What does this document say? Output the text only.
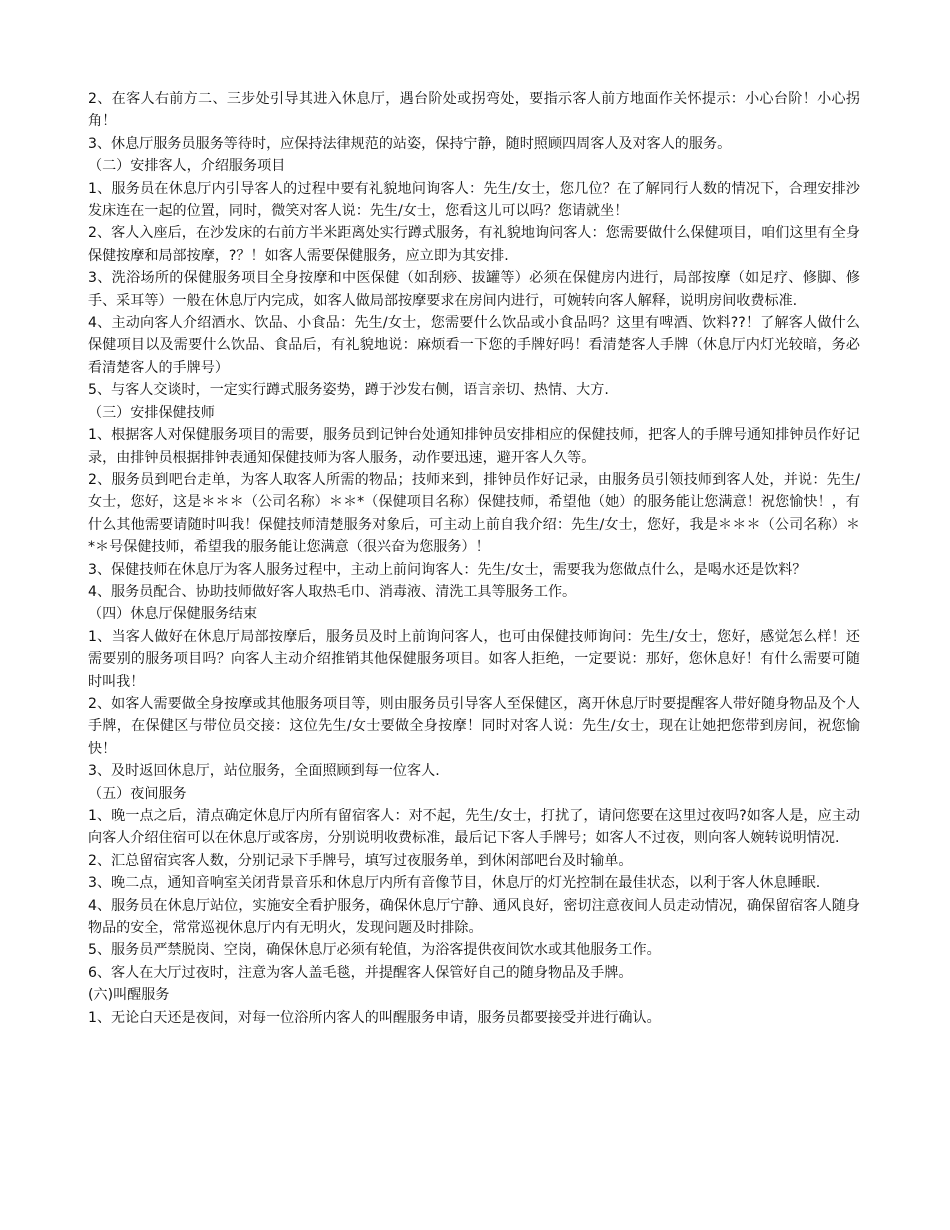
2、在客人右前方二、三步处引导其进入休息厅，遇台阶处或拐弯处，要指示客人前方地面作关怀提示：小心台阶！小心拐角！

3、休息厅服务员服务等待时，应保持法律规范的站姿，保持宁静，随时照顾四周客人及对客人的服务。

（二）安排客人，介绍服务项目

1、服务员在休息厅内引导客人的过程中要有礼貌地问询客人：先生/女士，您几位？在了解同行人数的情况下，合理安排沙发床连在一起的位置，同时，微笑对客人说：先生/女士，您看这儿可以吗？您请就坐！

2、客人入座后，在沙发床的右前方半米距离处实行蹲式服务，有礼貌地询问客人：您需要做什么保健项目，咱们这里有全身保健按摩和局部按摩，?？！如客人需要保健服务，应立即为其安排.

3、洗浴场所的保健服务项目全身按摩和中医保健（如刮痧、拔罐等）必须在保健房内进行，局部按摩（如足疗、修脚、修手、采耳等）一般在休息厅内完成，如客人做局部按摩要求在房间内进行，可婉转向客人解释，说明房间收费标准.

4、主动向客人介绍酒水、饮品、小食品：先生/女士，您需要什么饮品或小食品吗？这里有啤酒、饮料??！了解客人做什么保健项目以及需要什么饮品、食品后，有礼貌地说：麻烦看一下您的手牌好吗！看清楚客人手牌（休息厅内灯光较暗，务必看清楚客人的手牌号）

5、与客人交谈时，一定实行蹲式服务姿势，蹲于沙发右侧，语言亲切、热情、大方.

（三）安排保健技师

1、根据客人对保健服务项目的需要，服务员到记钟台处通知排钟员安排相应的保健技师，把客人的手牌号通知排钟员作好记录，由排钟员根据排钟表通知保健技师为客人服务，动作要迅速，避开客人久等。

2、服务员到吧台走单，为客人取客人所需的物品；技师来到，排钟员作好记录，由服务员引领技师到客人处，并说：先生/女士，您好，这是＊＊＊（公司名称）＊＊*（保健项目名称）保健技师，希望他（她）的服务能让您满意！祝您愉快！，有什么其他需要请随时叫我！保健技师清楚服务对象后，可主动上前自我介绍：先生/女士，您好，我是＊＊＊（公司名称）＊*＊号保健技师，希望我的服务能让您满意（很兴奋为您服务）！

3、保健技师在休息厅为客人服务过程中，主动上前问询客人：先生/女士，需要我为您做点什么，是喝水还是饮料？

4、服务员配合、协助技师做好客人取热毛巾、消毒液、清洗工具等服务工作。

（四）休息厅保健服务结束

1、当客人做好在休息厅局部按摩后，服务员及时上前询问客人，也可由保健技师询问：先生/女士，您好，感觉怎么样！还需要别的服务项目吗？向客人主动介绍推销其他保健服务项目。如客人拒绝，一定要说：那好，您休息好！有什么需要可随时叫我！

2、如客人需要做全身按摩或其他服务项目等，则由服务员引导客人至保健区，离开休息厅时要提醒客人带好随身物品及个人手牌，在保健区与带位员交接：这位先生/女士要做全身按摩！同时对客人说：先生/女士，现在让她把您带到房间，祝您愉快！

3、及时返回休息厅，站位服务，全面照顾到每一位客人.

（五）夜间服务

1、晚一点之后，清点确定休息厅内所有留宿客人：对不起，先生/女士，打扰了，请问您要在这里过夜吗?如客人是，应主动向客人介绍住宿可以在休息厅或客房，分别说明收费标准，最后记下客人手牌号；如客人不过夜，则向客人婉转说明情况.

2、汇总留宿宾客人数，分别记录下手牌号，填写过夜服务单，到休闲部吧台及时输单。

3、晚二点，通知音响室关闭背景音乐和休息厅内所有音像节目，休息厅的灯光控制在最佳状态，以利于客人休息睡眠.

4、服务员在休息厅站位，实施安全看护服务，确保休息厅宁静、通风良好，密切注意夜间人员走动情况，确保留宿客人随身物品的安全，常常巡视休息厅内有无明火，发现问题及时排除。

5、服务员严禁脱岗、空岗，确保休息厅必须有轮值，为浴客提供夜间饮水或其他服务工作。

6、客人在大厅过夜时，注意为客人盖毛毯，并提醒客人保管好自己的随身物品及手牌。

(六)叫醒服务

1、无论白天还是夜间，对每一位浴所内客人的叫醒服务申请，服务员都要接受并进行确认。
